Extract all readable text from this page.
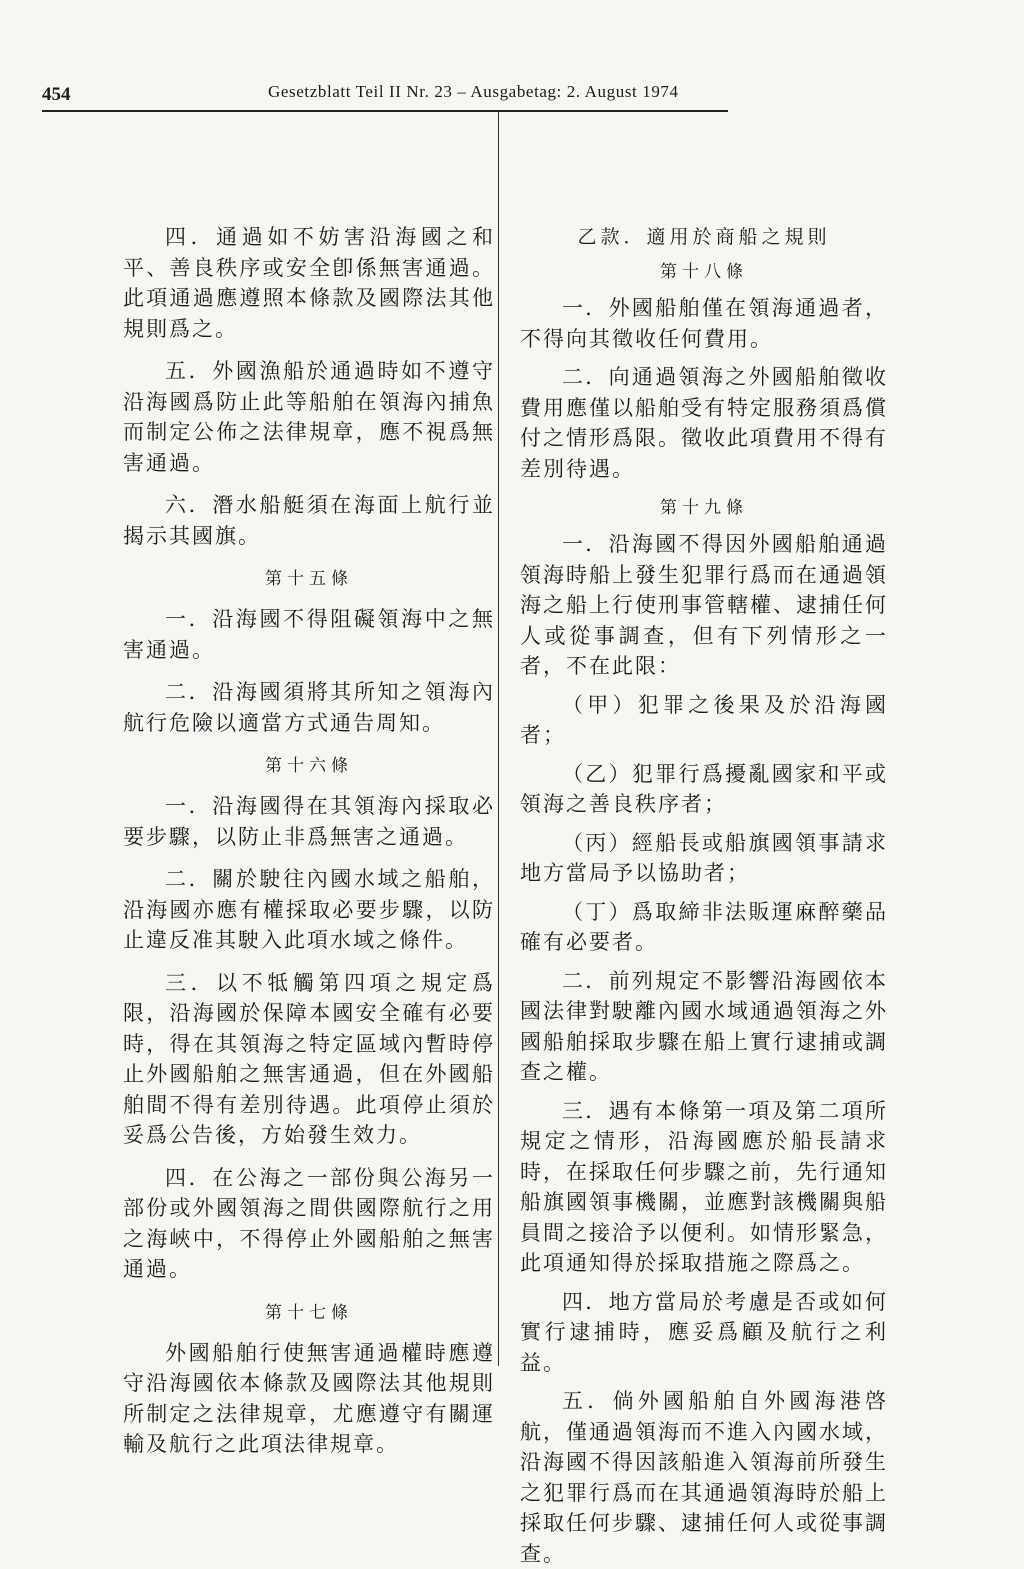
454	Gesetzblatt Teil II Nr. 23 – Ausgabetag: 2. August 1974

四．通過如不妨害沿海國之和平、善良秩序或安全卽係無害通過。此項通過應遵照本條款及國際法其他規則爲之。

五．外國漁船於通過時如不遵守沿海國爲防止此等船舶在領海內捕魚而制定公佈之法律規章，應不視爲無害通過。

六．潛水船艇須在海面上航行並揭示其國旗。

第十五條

一．沿海國不得阻礙領海中之無害通過。

二．沿海國須將其所知之領海內航行危險以適當方式通告周知。

第十六條

一．沿海國得在其領海內採取必要步驟，以防止非爲無害之通過。

二．關於駛往內國水域之船舶，沿海國亦應有權採取必要步驟，以防止違反准其駛入此項水域之條件。

三．以不牴觸第四項之規定爲限，沿海國於保障本國安全確有必要時，得在其領海之特定區域內暫時停止外國船舶之無害通過，但在外國船舶間不得有差別待遇。此項停止須於妥爲公告後，方始發生效力。

四．在公海之一部份與公海另一部份或外國領海之間供國際航行之用之海峽中，不得停止外國船舶之無害通過。

第十七條

外國船舶行使無害通過權時應遵守沿海國依本條款及國際法其他規則所制定之法律規章，尤應遵守有關運輸及航行之此項法律規章。

乙款．適用於商船之規則

第十八條

一．外國船舶僅在領海通過者，不得向其徵收任何費用。

二．向通過領海之外國船舶徵收費用應僅以船舶受有特定服務須爲償付之情形爲限。徵收此項費用不得有差別待遇。

第十九條

一．沿海國不得因外國船舶通過領海時船上發生犯罪行爲而在通過領海之船上行使刑事管轄權、逮捕任何人或從事調查，但有下列情形之一者，不在此限：

（甲）犯罪之後果及於沿海國者；

（乙）犯罪行爲擾亂國家和平或領海之善良秩序者；

（丙）經船長或船旗國領事請求地方當局予以協助者；

（丁）爲取締非法販運麻醉藥品確有必要者。

二．前列規定不影響沿海國依本國法律對駛離內國水域通過領海之外國船舶採取步驟在船上實行逮捕或調查之權。

三．遇有本條第一項及第二項所規定之情形，沿海國應於船長請求時，在採取任何步驟之前，先行通知船旗國領事機關，並應對該機關與船員間之接洽予以便利。如情形緊急，此項通知得於採取措施之際爲之。

四．地方當局於考慮是否或如何實行逮捕時，應妥爲顧及航行之利益。

五．倘外國船舶自外國海港啓航，僅通過領海而不進入內國水域，沿海國不得因該船進入領海前所發生之犯罪行爲而在其通過領海時於船上採取任何步驟、逮捕任何人或從事調查。
